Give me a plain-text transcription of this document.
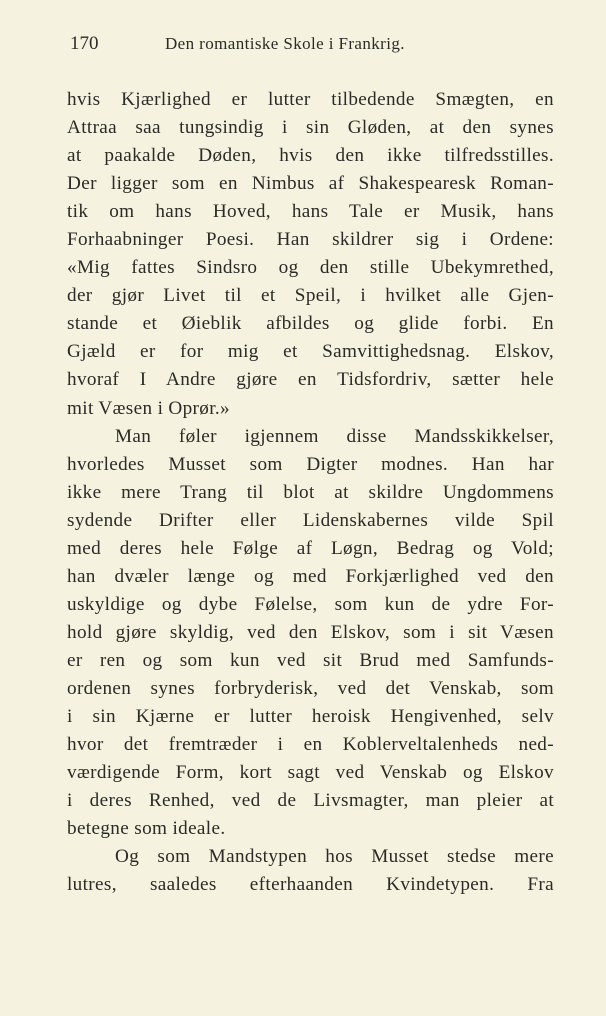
170	Den romantiske Skole i Frankrig.
hvis Kjærlighed er lutter tilbedende Smægten, en
Attraa saa tungsindig i sin Gløden, at den synes
at paakalde Døden, hvis den ikke tilfredsstilles.
Der ligger som en Nimbus af Shakespearesk Roman-
tik om hans Hoved, hans Tale er Musik, hans
Forhaabninger Poesi. Han skildrer sig i Ordene:
«Mig fattes Sindsro og den stille Ubekymrethed,
der gjør Livet til et Speil, i hvilket alle Gjen-
stande et Øieblik afbildes og glide forbi. En
Gjæld er for mig et Samvittighedsnag. Elskov,
hvoraf I Andre gjøre en Tidsfordriv, sætter hele
mit Væsen i Oprør.»
Man føler igjennem disse Mandsskikkelser,
hvorledes Musset som Digter modnes. Han har
ikke mere Trang til blot at skildre Ungdommens
sydende Drifter eller Lidenskabernes vilde Spil
med deres hele Følge af Løgn, Bedrag og Vold;
han dvæler længe og med Forkjærlighed ved den
uskyldige og dybe Følelse, som kun de ydre For-
hold gjøre skyldig, ved den Elskov, som i sit Væsen
er ren og som kun ved sit Brud med Samfunds-
ordenen synes forbryderisk, ved det Venskab, som
i sin Kjærne er lutter heroisk Hengivenhed, selv
hvor det fremtræder i en Koblerveltalenheds ned-
værdigende Form, kort sagt ved Venskab og Elskov
i deres Renhed, ved de Livsmagter, man pleier at
betegne som ideale.
Og som Mandstypen hos Musset stedse mere
lutres, saaledes efterhaanden Kvindetypen. Fra
